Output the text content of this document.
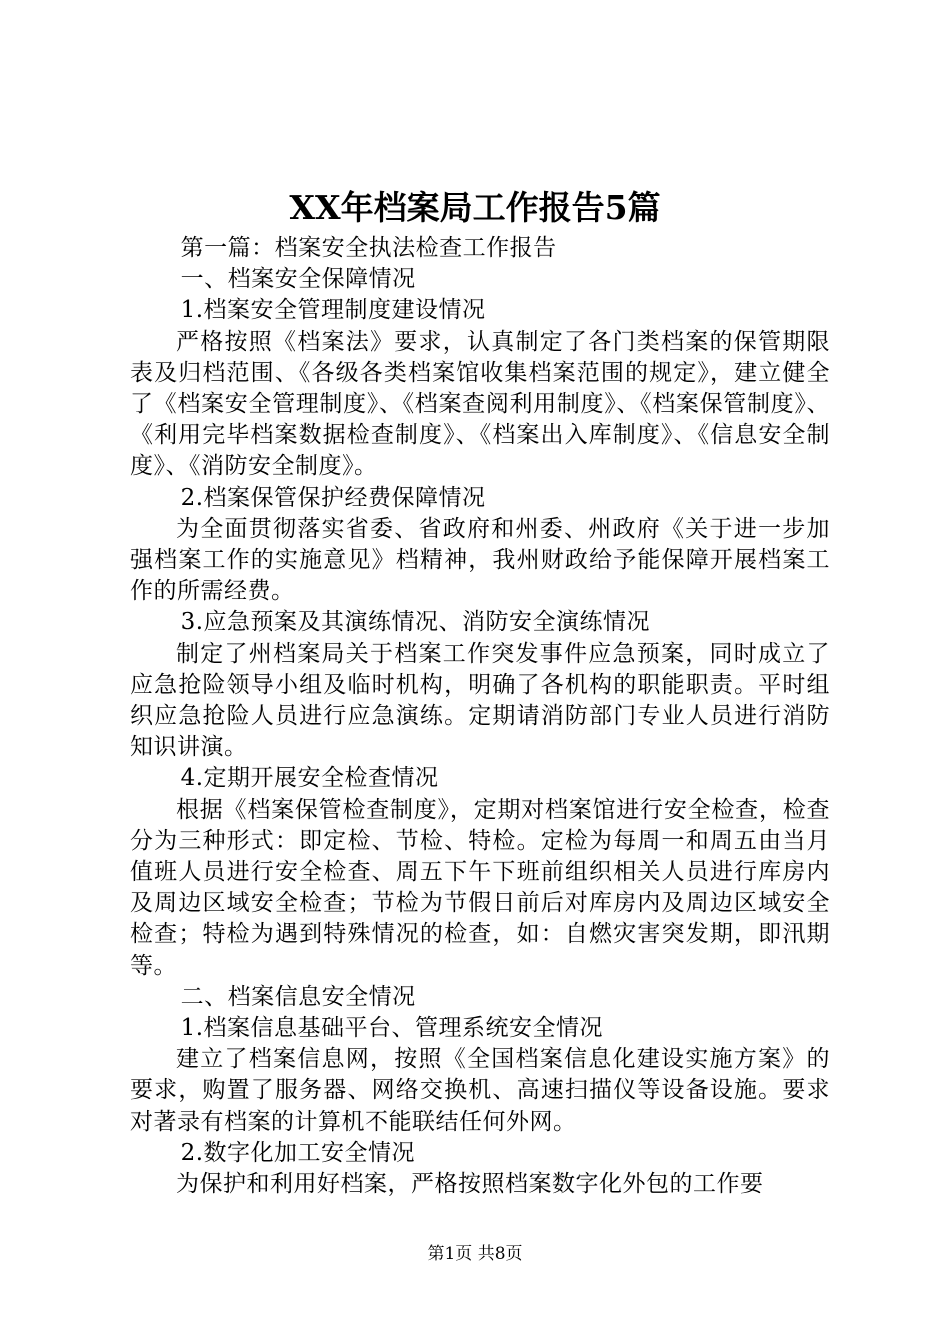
XX年档案局工作报告5篇

第一篇：档案安全执法检查工作报告

一、档案安全保障情况

1.档案安全管理制度建设情况

严格按照《档案法》要求，认真制定了各门类档案的保管期限表及归档范围、《各级各类档案馆收集档案范围的规定》，建立健全了《档案安全管理制度》、《档案查阅利用制度》、《档案保管制度》、《利用完毕档案数据检查制度》、《档案出入库制度》、《信息安全制度》、《消防安全制度》。

2.档案保管保护经费保障情况

为全面贯彻落实省委、省政府和州委、州政府《关于进一步加强档案工作的实施意见》档精神，我州财政给予能保障开展档案工作的所需经费。

3.应急预案及其演练情况、消防安全演练情况

制定了州档案局关于档案工作突发事件应急预案，同时成立了应急抢险领导小组及临时机构，明确了各机构的职能职责。平时组织应急抢险人员进行应急演练。定期请消防部门专业人员进行消防知识讲演。

4.定期开展安全检查情况

根据《档案保管检查制度》，定期对档案馆进行安全检查，检查分为三种形式：即定检、节检、特检。定检为每周一和周五由当月值班人员进行安全检查、周五下午下班前组织相关人员进行库房内及周边区域安全检查；节检为节假日前后对库房内及周边区域安全检查；特检为遇到特殊情况的检查，如：自燃灾害突发期，即汛期等。

二、档案信息安全情况

1.档案信息基础平台、管理系统安全情况

建立了档案信息网，按照《全国档案信息化建设实施方案》的要求，购置了服务器、网络交换机、高速扫描仪等设备设施。要求对著录有档案的计算机不能联结任何外网。

2.数字化加工安全情况

为保护和利用好档案，严格按照档案数字化外包的工作要

第1页 共8页
